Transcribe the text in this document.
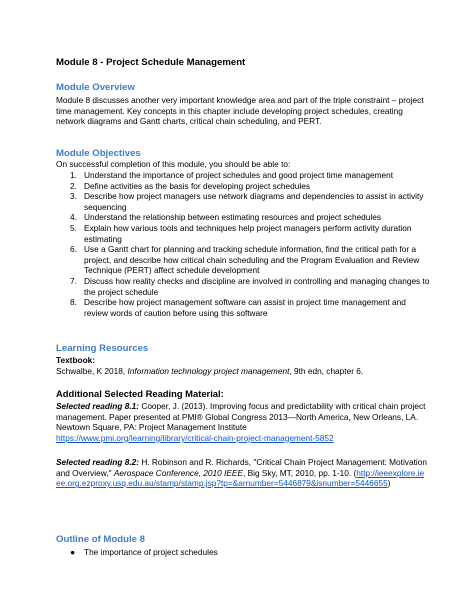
Module 8 - Project Schedule Management
Module Overview
Module 8 discusses another very important knowledge area and part of the triple constraint – project time management. Key concepts in this chapter include developing project schedules, creating network diagrams and Gantt charts, critical chain scheduling, and PERT.
Module Objectives
On successful completion of this module, you should be able to:
1. Understand the importance of project schedules and good project time management
2. Define activities as the basis for developing project schedules
3. Describe how project managers use network diagrams and dependencies to assist in activity sequencing
4. Understand the relationship between estimating resources and project schedules
5. Explain how various tools and techniques help project managers perform activity duration estimating
6. Use a Gantt chart for planning and tracking schedule information, find the critical path for a project, and describe how critical chain scheduling and the Program Evaluation and Review Technique (PERT) affect schedule development
7. Discuss how reality checks and discipline are involved in controlling and managing changes to the project schedule
8. Describe how project management software can assist in project time management and review words of caution before using this software
Learning Resources
Textbook:
Schwalbe, K 2018, Information technology project management, 9th edn, chapter 6.
Additional Selected Reading Material:
Selected reading 8.1: Cooper, J. (2013). Improving focus and predictability with critical chain project management. Paper presented at PMI® Global Congress 2013—North America, New Orleans, LA. Newtown Square, PA: Project Management Institute
https://www.pmi.org/learning/library/critical-chain-project-management-5852
Selected reading 8.2: H. Robinson and R. Richards, "Critical Chain Project Management: Motivation and Overview," Aerospace Conference, 2010 IEEE, Big Sky, MT, 2010, pp. 1-10. (http://ieeexplore.ieee.org.ezproxy.usq.edu.au/stamp/stamp.jsp?tp=&arnumber=5446879&isnumber=5446655)
Outline of Module 8
● The importance of project schedules
